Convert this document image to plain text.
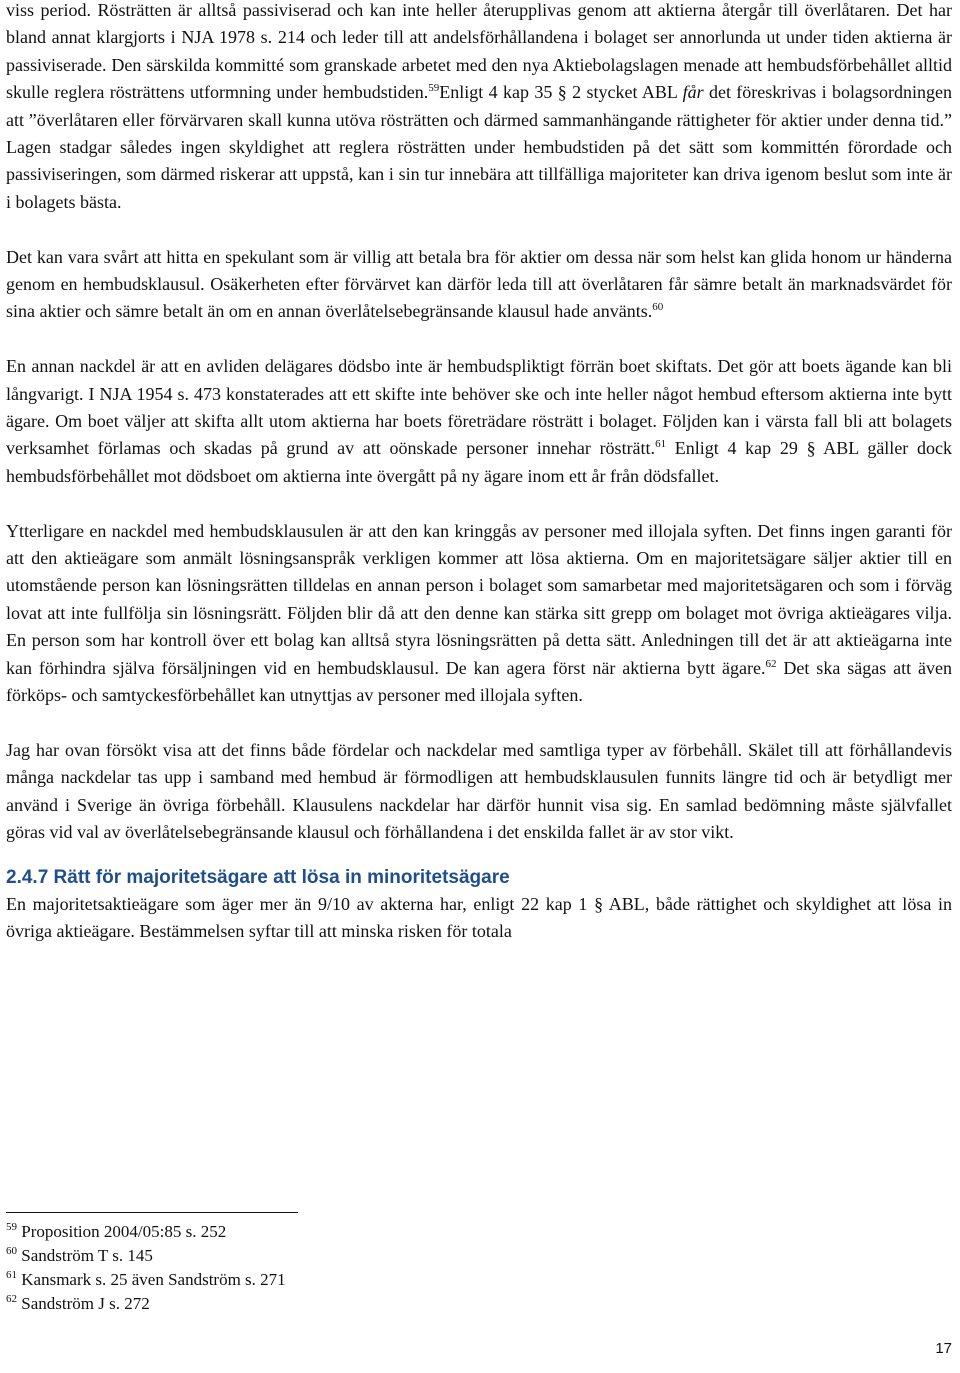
viss period. Rösträtten är alltså passiviserad och kan inte heller återupplivas genom att aktierna återgår till överlåtaren. Det har bland annat klargjorts i NJA 1978 s. 214 och leder till att andelsförhållandena i bolaget ser annorlunda ut under tiden aktierna är passiviserade. Den särskilda kommitté som granskade arbetet med den nya Aktiebolagslagen menade att hembudsförbehållet alltid skulle reglera rösträttens utformning under hembudstiden.$^{59}$Enligt 4 kap 35 § 2 stycket ABL får det föreskrivas i bolagsordningen att ”överlåtaren eller förvärvaren skall kunna utöva rösträtten och därmed sammanhängande rättigheter för aktier under denna tid.” Lagen stadgar således ingen skyldighet att reglera rösträtten under hembudstiden på det sätt som kommittén förordade och passiviseringen, som därmed riskerar att uppstå, kan i sin tur innebära att tillfälliga majoriteter kan driva igenom beslut som inte är i bolagets bästa.

Det kan vara svårt att hitta en spekulant som är villig att betala bra för aktier om dessa när som helst kan glida honom ur händerna genom en hembudsklausul. Osäkerheten efter förvärvet kan därför leda till att överlåtaren får sämre betalt än marknadsvärdet för sina aktier och sämre betalt än om en annan överlåtelsebegränsande klausul hade använts.$^{60}$

En annan nackdel är att en avliden delägares dödsbo inte är hembudspliktigt förrän boet skiftats. Det gör att boets ägande kan bli långvarigt. I NJA 1954 s. 473 konstaterades att ett skifte inte behöver ske och inte heller något hembud eftersom aktierna inte bytt ägare. Om boet väljer att skifta allt utom aktierna har boets företrädare rösträtt i bolaget. Följden kan i värsta fall bli att bolagets verksamhet förlamas och skadas på grund av att oönskade personer innehar rösträtt.$^{61}$ Enligt 4 kap 29 § ABL gäller dock hembudsförbehållet mot dödsboet om aktierna inte övergått på ny ägare inom ett år från dödsfallet.

Ytterligare en nackdel med hembudsklausulen är att den kan kringgås av personer med illojala syften. Det finns ingen garanti för att den aktieägare som anmält lösningsanspråk verkligen kommer att lösa aktierna. Om en majoritetsägare säljer aktier till en utomstående person kan lösningsrätten tilldelas en annan person i bolaget som samarbetar med majoritetsägaren och som i förväg lovat att inte fullfölja sin lösningsrätt. Följden blir då att den denne kan stärka sitt grepp om bolaget mot övriga aktieägares vilja. En person som har kontroll över ett bolag kan alltså styra lösningsrätten på detta sätt. Anledningen till det är att aktieägarna inte kan förhindra själva försäljningen vid en hembudsklausul. De kan agera först när aktierna bytt ägare.$^{62}$ Det ska sägas att även förköps- och samtyckesförbehållet kan utnyttjas av personer med illojala syften.

Jag har ovan försökt visa att det finns både fördelar och nackdelar med samtliga typer av förbehåll. Skälet till att förhållandevis många nackdelar tas upp i samband med hembud är förmodligen att hembudsklausulen funnits längre tid och är betydligt mer använd i Sverige än övriga förbehåll. Klausulens nackdelar har därför hunnit visa sig. En samlad bedömning måste självfallet göras vid val av överlåtelsebegränsande klausul och förhållandena i det enskilda fallet är av stor vikt.

2.4.7 Rätt för majoritetsägare att lösa in minoritetsägare

En majoritetsaktieägare som äger mer än 9/10 av akterna har, enligt 22 kap 1 § ABL, både rättighet och skyldighet att lösa in övriga aktieägare. Bestämmelsen syftar till att minska risken för totala

$^{59}$ Proposition 2004/05:85 s. 252
$^{60}$ Sandström T s. 145
$^{61}$ Kansmark s. 25 även Sandström s. 271
$^{62}$ Sandström J s. 272
17
